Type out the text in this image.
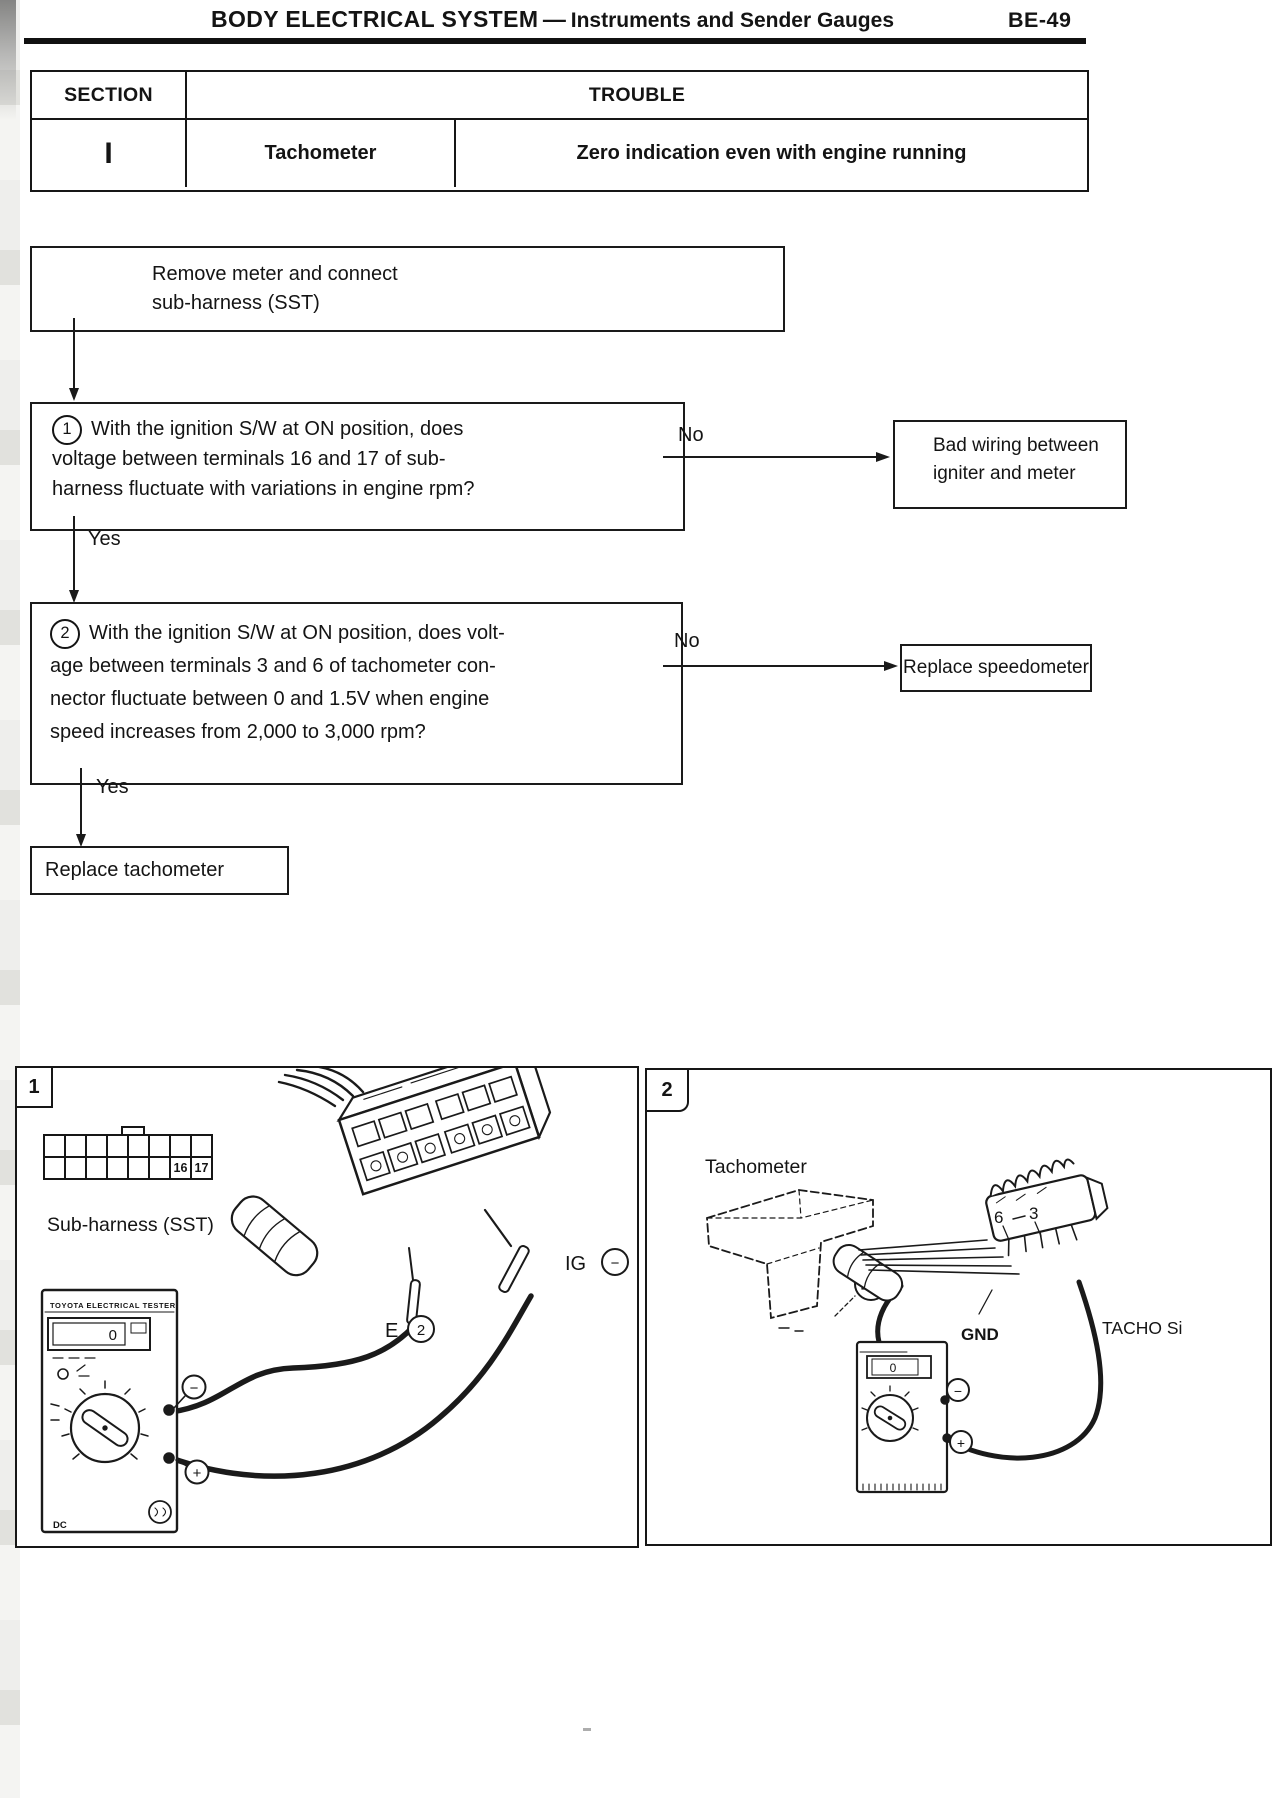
BODY ELECTRICAL SYSTEM — Instruments and Sender Gauges	BE-49
SECTION	TROUBLE
I	Tachometer	Zero indication even with engine running
Remove meter and connect
sub-harness (SST)
1 With the ignition S/W at ON position, does
voltage between terminals 16 and 17 of sub-
harness fluctuate with variations in engine rpm?
No	Bad wiring between
igniter and meter
Yes
2 With the ignition S/W at ON position, does volt-
age between terminals 3 and 6 of tachometer con-
nector fluctuate between 0 and 1.5V when engine
speed increases from 2,000 to 3,000 rpm?
No
Replace speedometer
Yes
Replace tachometer
1
16 17
Sub-harness (SST)
TOYOTA ELECTRICAL TESTER
0
DC
−
+
E 2
IG −
2
Tachometer
6 3
GND	TACHO Si
0
−
+
